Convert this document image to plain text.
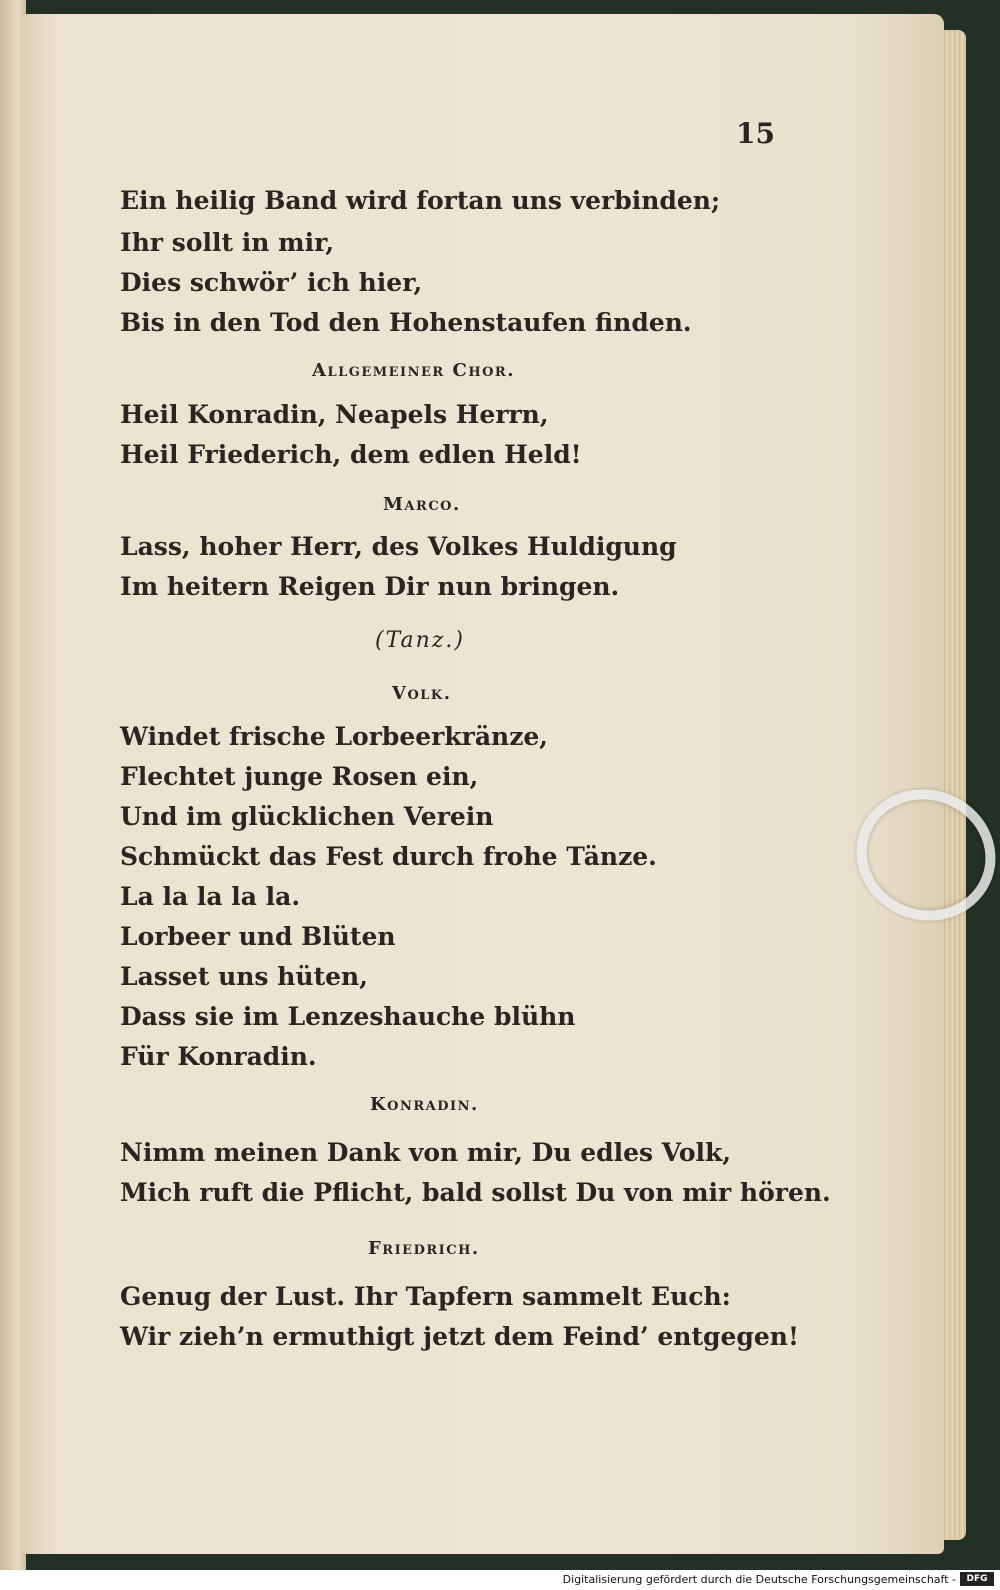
15
Ein heilig Band wird fortan uns verbinden;
Ihr sollt in mir,
Dies schwör’ ich hier,
Bis in den Tod den Hohenstaufen finden.
Allgemeiner Chor.
Heil Konradin, Neapels Herrn,
Heil Friederich, dem edlen Held!
Marco.
Lass, hoher Herr, des Volkes Huldigung
Im heitern Reigen Dir nun bringen.
(Tanz.)
Volk.
Windet frische Lorbeerkränze,
Flechtet junge Rosen ein,
Und im glücklichen Verein
Schmückt das Fest durch frohe Tänze.
La la la la la.
Lorbeer und Blüten
Lasset uns hüten,
Dass sie im Lenzeshauche blühn
Für Konradin.
Konradin.
Nimm meinen Dank von mir, Du edles Volk,
Mich ruft die Pflicht, bald sollst Du von mir hören.
Friedrich.
Genug der Lust. Ihr Tapfern sammelt Euch:
Wir zieh’n ermuthigt jetzt dem Feind’ entgegen!
Digitalisierung gefördert durch die Deutsche Forschungsgemeinschaft -	DFG
